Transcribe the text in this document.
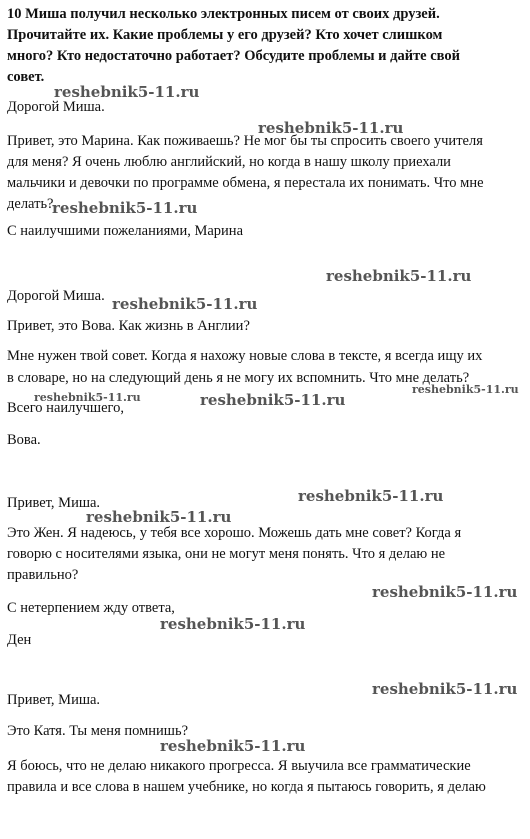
10 Миша получил несколько электронных писем от своих друзей.
Прочитайте их. Какие проблемы у его друзей? Кто хочет слишком
много? Кто недостаточно работает? Обсудите проблемы и дайте свой
совет.
Дорогой Миша.
Привет, это Марина. Как поживаешь? Не мог бы ты спросить своего учителя
для меня? Я очень люблю английский, но когда в нашу школу приехали
мальчики и девочки по программе обмена, я перестала их понимать. Что мне
делать?
С наилучшими пожеланиями, Марина
Дорогой Миша.
Привет, это Вова. Как жизнь в Англии?
Мне нужен твой совет. Когда я нахожу новые слова в тексте, я всегда ищу их
в словаре, но на следующий день я не могу их вспомнить. Что мне делать?
Всего наилучшего,
Вова.
Привет, Миша.
Это Жен. Я надеюсь, у тебя все хорошо. Можешь дать мне совет? Когда я
говорю с носителями языка, они не могут меня понять. Что я делаю не
правильно?
С нетерпением жду ответа,
Ден
Привет, Миша.
Это Катя. Ты меня помнишь?
Я боюсь, что не делаю никакого прогресса. Я выучила все грамматические
правила и все слова в нашем учебнике, но когда я пытаюсь говорить, я делаю
reshebnik5-11.ru
reshebnik5-11.ru
reshebnik5-11.ru
reshebnik5-11.ru
reshebnik5-11.ru
reshebnik5-11.ru	reshebnik5-11.ru
reshebnik5-11.ru
reshebnik5-11.ru
reshebnik5-11.ru
reshebnik5-11.ru
reshebnik5-11.ru
reshebnik5-11.ru
reshebnik5-11.ru
